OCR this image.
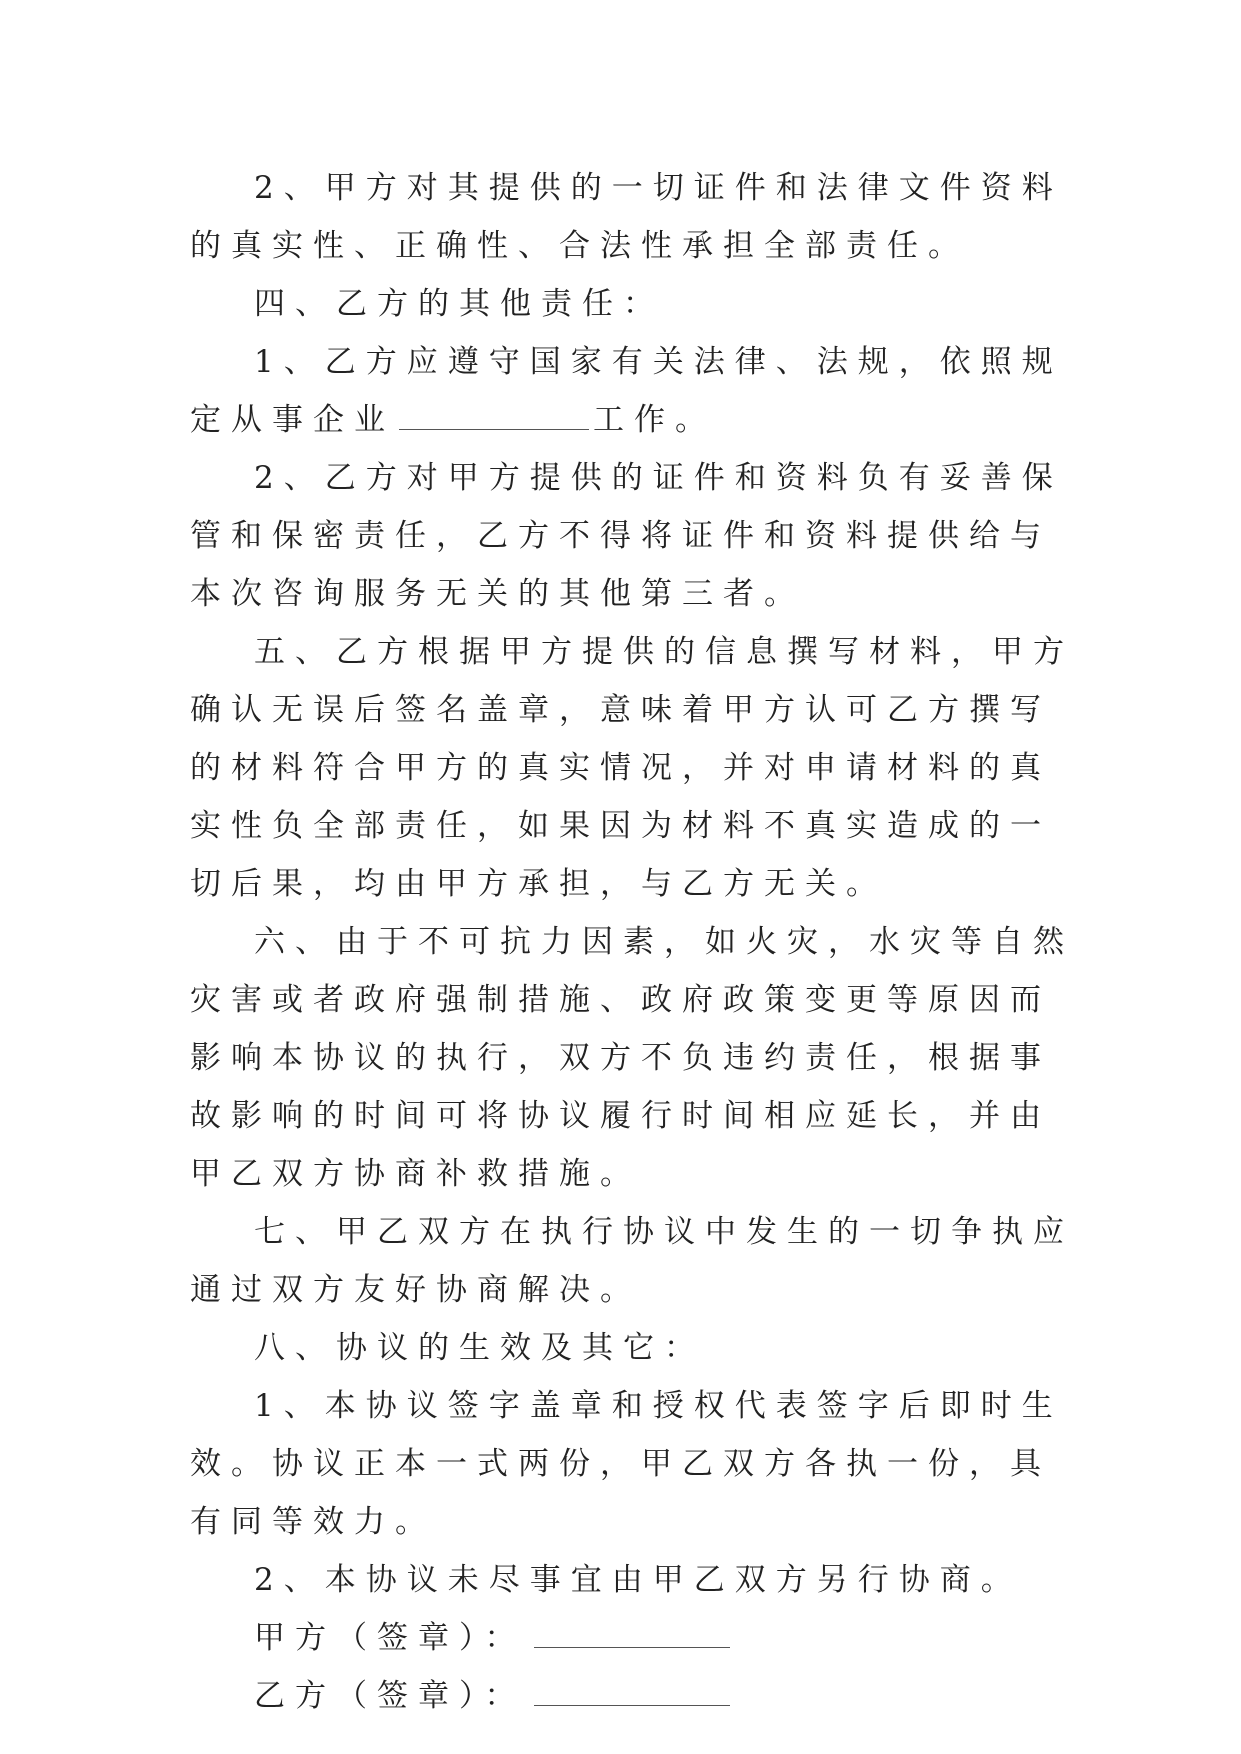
2、甲方对其提供的一切证件和法律文件资料的真实性、正确性、合法性承担全部责任。

四、乙方的其他责任：

1、乙方应遵守国家有关法律、法规，依照规定从事企业	工作。

2、乙方对甲方提供的证件和资料负有妥善保管和保密责任，乙方不得将证件和资料提供给与本次咨询服务无关的其他第三者。

五、乙方根据甲方提供的信息撰写材料，甲方确认无误后签名盖章，意味着甲方认可乙方撰写的材料符合甲方的真实情况，并对申请材料的真实性负全部责任，如果因为材料不真实造成的一切后果，均由甲方承担，与乙方无关。

六、由于不可抗力因素，如火灾，水灾等自然灾害或者政府强制措施、政府政策变更等原因而影响本协议的执行，双方不负违约责任，根据事故影响的时间可将协议履行时间相应延长，并由甲乙双方协商补救措施。

七、甲乙双方在执行协议中发生的一切争执应通过双方友好协商解决。

八、协议的生效及其它：

1、本协议签字盖章和授权代表签字后即时生效。协议正本一式两份，甲乙双方各执一份，具有同等效力。

2、本协议未尽事宜由甲乙双方另行协商。

甲方（签章）：

乙方（签章）：
